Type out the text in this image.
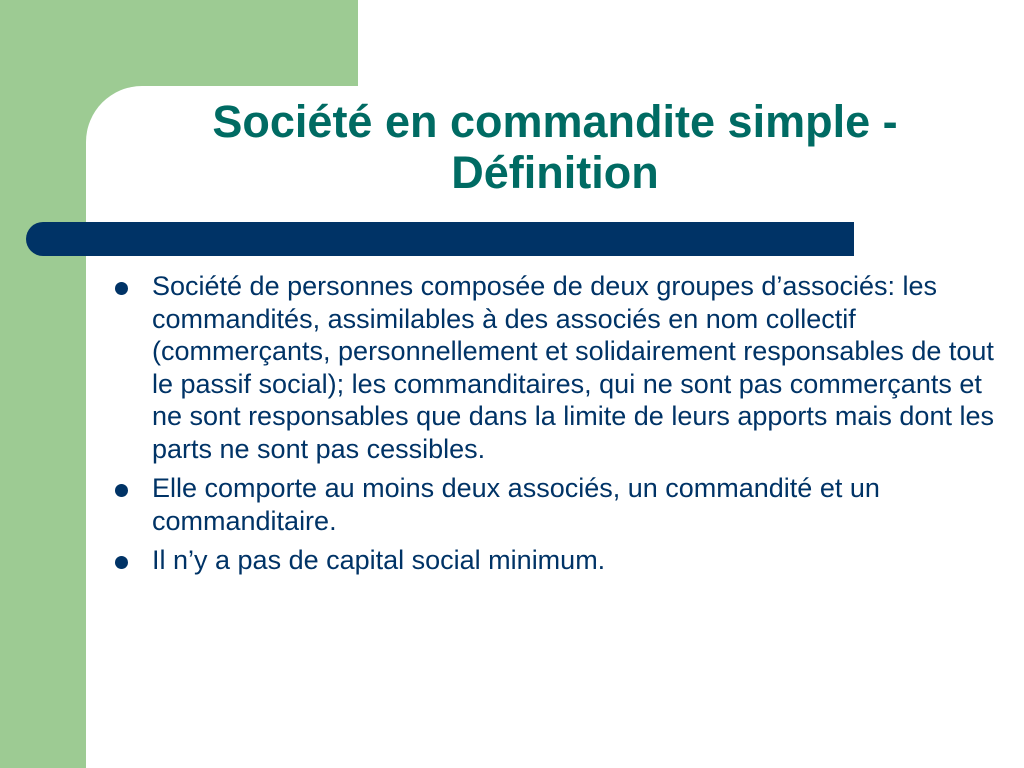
Société en commandite simple -
Définition
Société de personnes composée de deux groupes d’associés: les commandités, assimilables à des associés en nom collectif (commerçants, personnellement et solidairement responsables de tout le passif social); les commanditaires, qui ne sont pas commerçants et ne sont responsables que dans la limite de leurs apports mais dont les parts ne sont pas cessibles.
Elle comporte au moins deux associés, un commandité et un commanditaire.
Il n’y a pas de capital social minimum.
